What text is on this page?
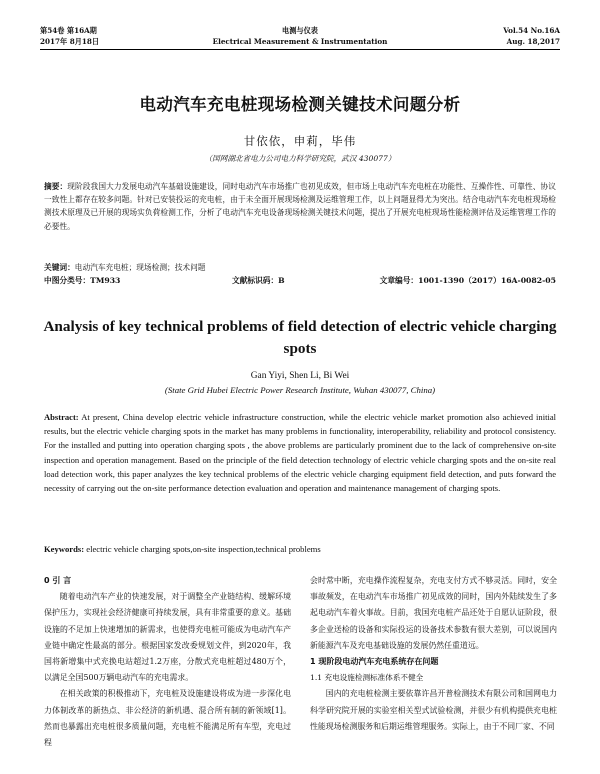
第54卷 第16A期
2017年 8月18日
电测与仪表
Electrical Measurement & Instrumentation
Vol.54 No.16A
Aug. 18,2017
电动汽车充电桩现场检测关键技术问题分析
甘依依，申莉，毕伟
（国网湖北省电力公司电力科学研究院，武汉 430077）
摘要：现阶段我国大力发展电动汽车基础设施建设，同时电动汽车市场推广也初见成效，但市场上电动汽车充电桩在功能性、互操作性、可靠性、协议一致性上都存在较多问题。针对已安装投运的充电桩，由于未全面开展现场检测及运维管理工作，以上问题显得尤为突出。结合电动汽车充电桩现场检测技术原理及已开展的现场实负荷检测工作，分析了电动汽车充电设备现场检测关键技术问题，提出了开展充电桩现场性能检测评估及运维管理工作的必要性。
关键词：电动汽车充电桩；现场检测；技术问题
中图分类号：TM933	文献标识码：B	文章编号：1001-1390（2017）16A-0082-05
Analysis of key technical problems of field detection of electric vehicle charging spots
Gan Yiyi, Shen Li, Bi Wei
(State Grid Hubei Electric Power Research Institute, Wuhan 430077, China)
Abstract: At present, China develop electric vehicle infrastructure construction, while the electric vehicle market promotion also achieved initial results, but the electric vehicle charging spots in the market has many problems in functionality, interoperability, reliability and protocol consistency. For the installed and putting into operation charging spots , the above problems are particularly prominent due to the lack of comprehensive on-site inspection and operation management. Based on the principle of the field detection technology of electric vehicle charging spots and the on-site real load detection work, this paper analyzes the key technical problems of the electric vehicle charging equipment field detection, and puts forward the necessity of carrying out the on-site performance detection evaluation and operation and maintenance management of charging spots.
Keywords: electric vehicle charging spots,on-site inspection,technical problems

0 引 言

随着电动汽车产业的快速发展，对于调整全产业链结构、缓解环境保护压力，实现社会经济健康可持续发展，具有非常重要的意义。基础设施的不足加上快速增加的新需求，也使得充电桩可能成为电动汽车产业链中确定性最高的部分。根据国家发改委规划文件，到2020年，我国将新增集中式充换电站超过1.2万座，分散式充电桩超过480万个，以满足全国500万辆电动汽车的充电需求。

在相关政策的积极推动下，充电桩及设施建设将成为进一步深化电力体制改革的新热点、非公经济的新机遇、混合所有制的新领域[1]。然而也暴露出充电桩很多质量问题，充电桩不能满足所有车型，充电过程

会时常中断，充电操作流程复杂，充电支付方式不够灵活。同时，安全事故频发，在电动汽车市场推广初见成效的同时，国内外陆续发生了多起电动汽车着火事故。目前，我国充电桩产品还处于自愿认证阶段，很多企业送检的设备和实际投运的设备技术参数有很大差别，可以说国内新能源汽车及充电基础设施的发展仍然任重道远。

1 现阶段电动汽车充电系统存在问题

1.1 充电设施检测标准体系不健全

国内的充电桩检测主要依靠许昌开普检测技术有限公司和国网电力科学研究院开展的实验室相关型式试验检测，并很少有机构提供充电桩性能现场检测服务和后期运维管理服务。实际上，由于不同厂家、不同
